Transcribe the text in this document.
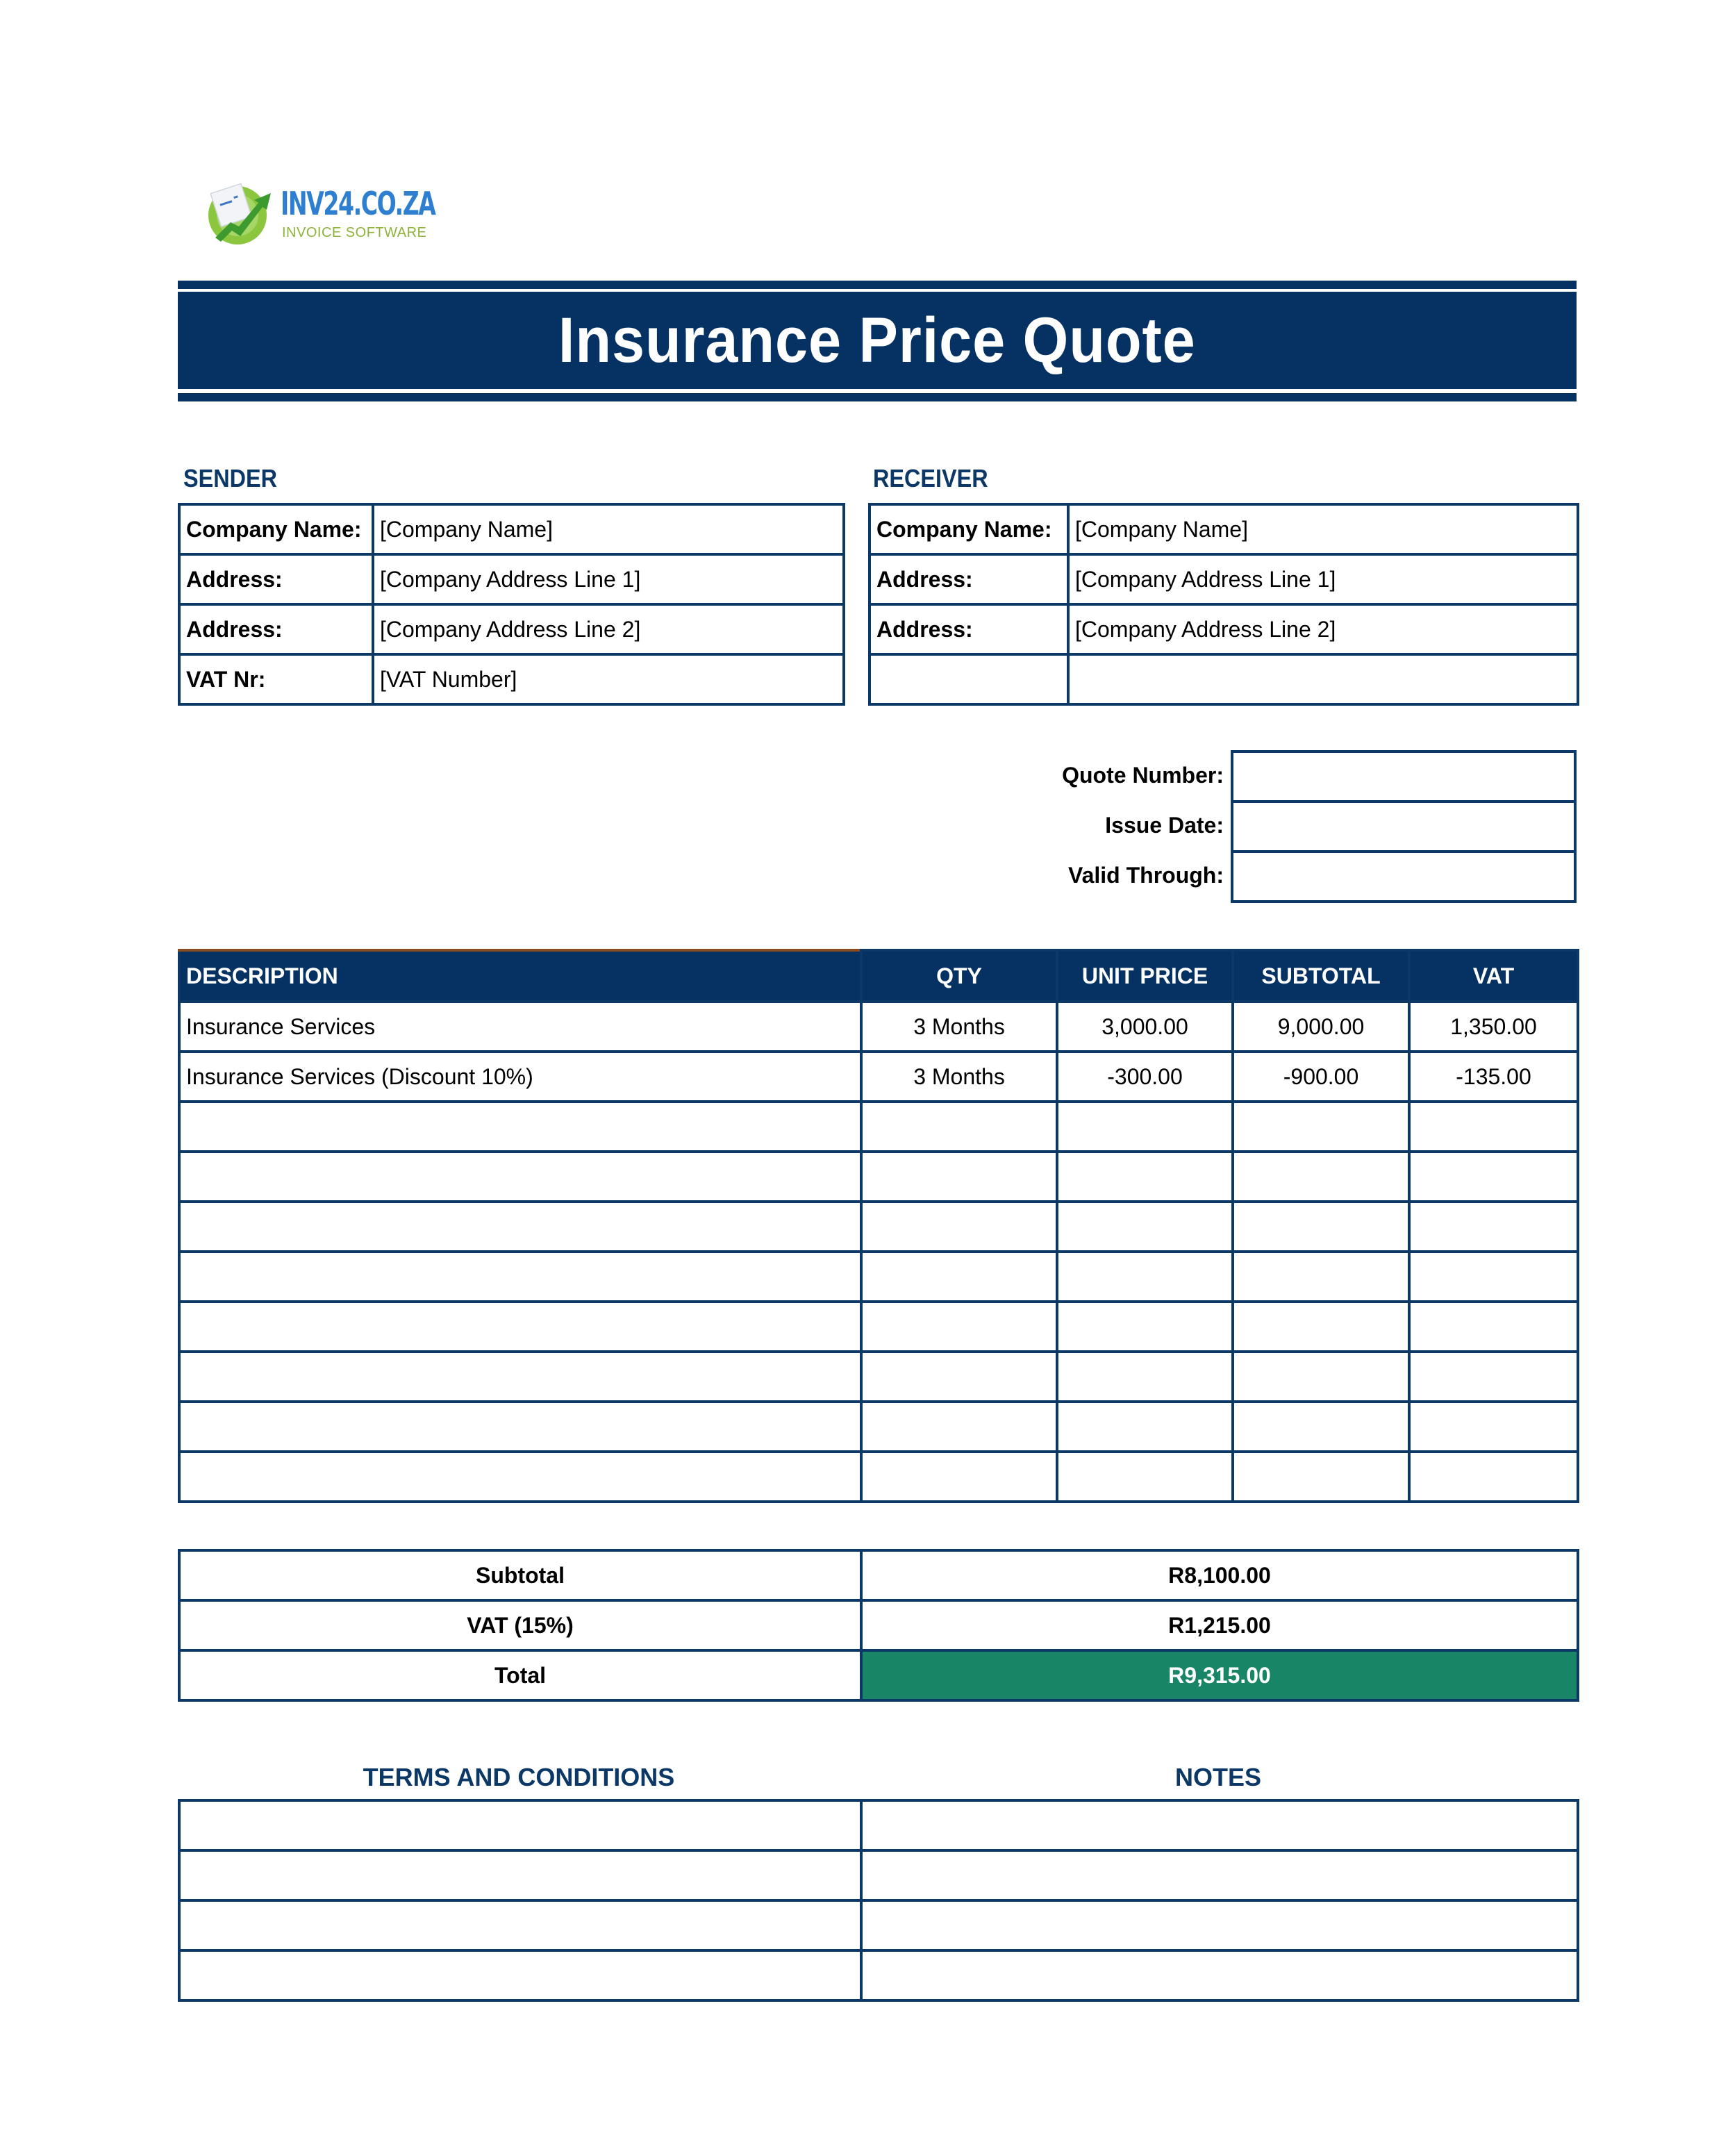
INV24.CO.ZA
INVOICE SOFTWARE
Insurance Price Quote
SENDER
Company Name:	[Company Name]
Address:	[Company Address Line 1]
Address:	[Company Address Line 2]
VAT Nr:	[VAT Number]
RECEIVER
Company Name:	[Company Name]
Address:	[Company Address Line 1]
Address:	[Company Address Line 2]

Quote Number:
Issue Date:
Valid Through:

DESCRIPTION	QTY	UNIT PRICE	SUBTOTAL	VAT
Insurance Services	3 Months	3,000.00	9,000.00	1,350.00
Insurance Services (Discount 10%)	3 Months	-300.00	-900.00	-135.00

Subtotal	R8,100.00
VAT (15%)	R1,215.00
Total	R9,315.00
TERMS AND CONDITIONS	NOTES
